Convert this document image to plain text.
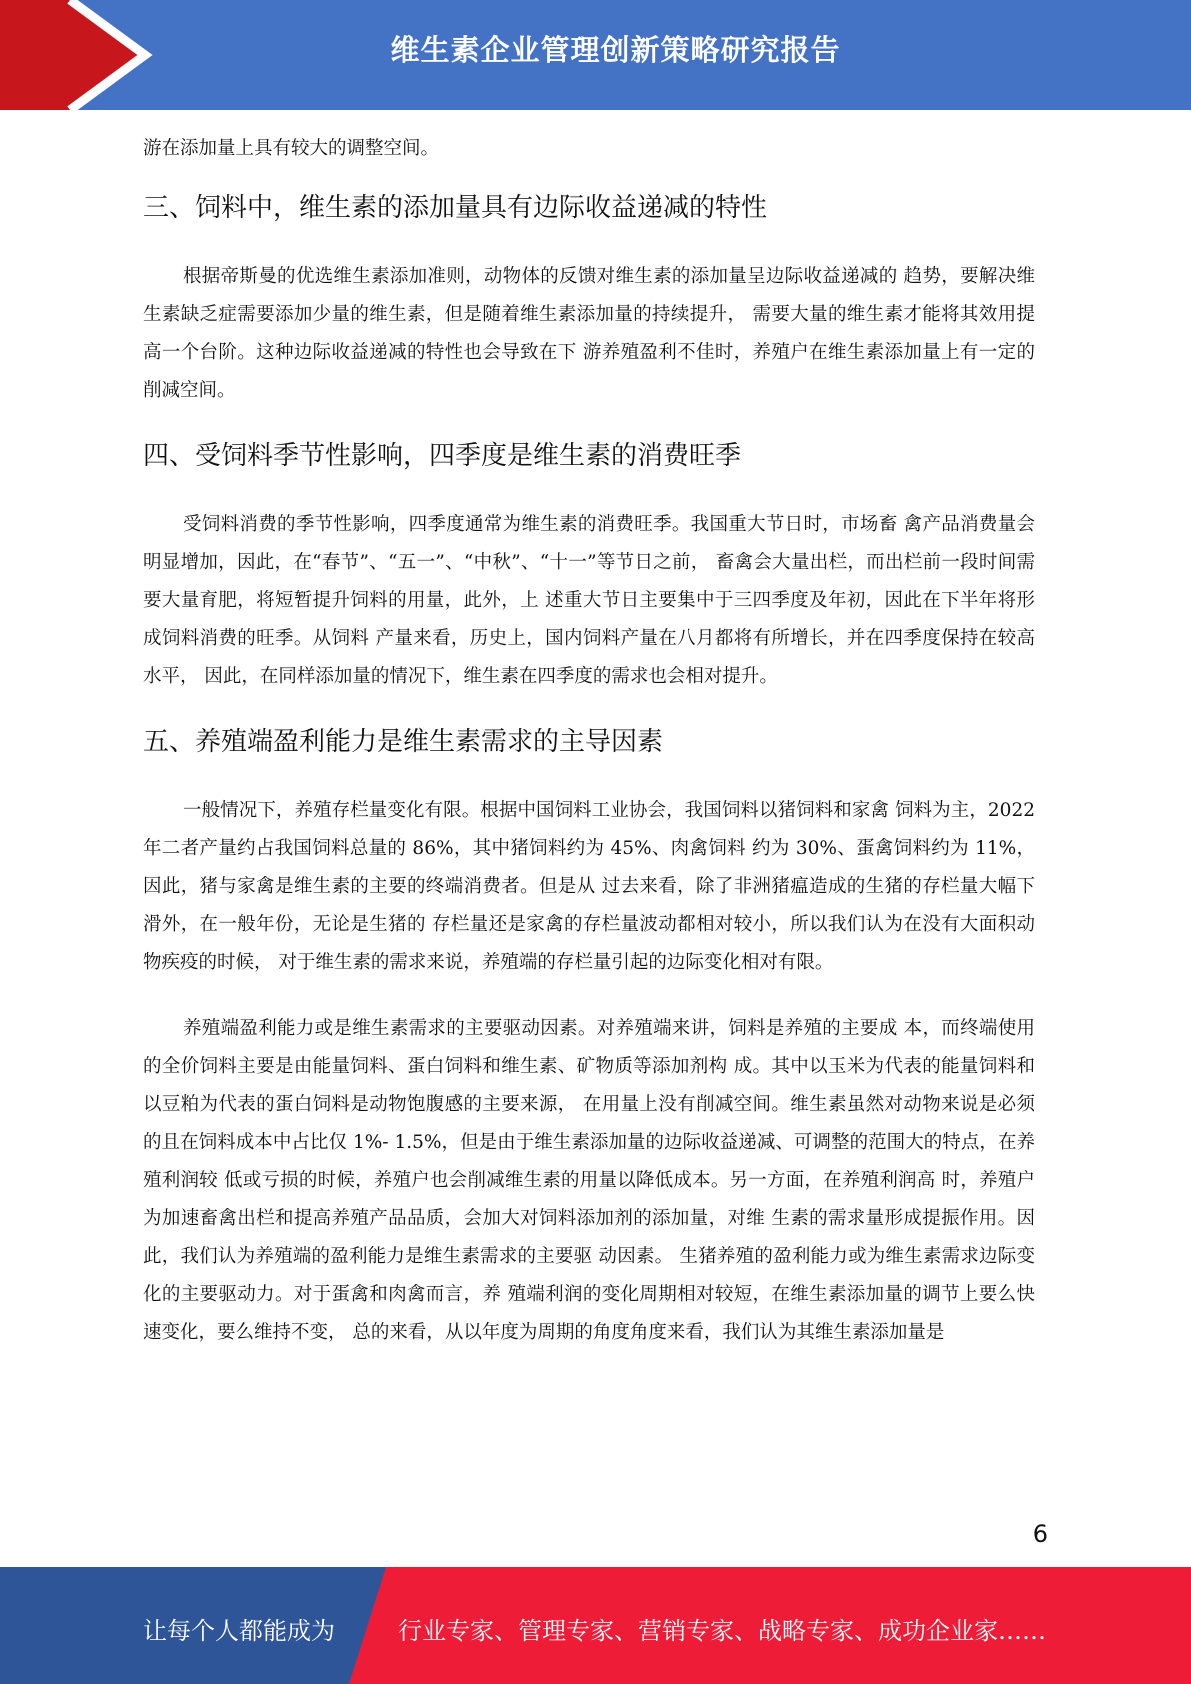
维生素企业管理创新策略研究报告

游在添加量上具有较大的调整空间。

三、饲料中，维生素的添加量具有边际收益递减的特性

根据帝斯曼的优选维生素添加准则，动物体的反馈对维生素的添加量呈边际收益递减的 趋势，要解决维生素缺乏症需要添加少量的维生素，但是随着维生素添加量的持续提升， 需要大量的维生素才能将其效用提高一个台阶。这种边际收益递减的特性也会导致在下 游养殖盈利不佳时，养殖户在维生素添加量上有一定的削减空间。

四、受饲料季节性影响，四季度是维生素的消费旺季

受饲料消费的季节性影响，四季度通常为维生素的消费旺季。我国重大节日时，市场畜 禽产品消费量会明显增加，因此，在“春节”、“五一”、“中秋”、“十一”等节日之前， 畜禽会大量出栏，而出栏前一段时间需要大量育肥，将短暂提升饲料的用量，此外，上 述重大节日主要集中于三四季度及年初，因此在下半年将形成饲料消费的旺季。从饲料 产量来看，历史上，国内饲料产量在八月都将有所增长，并在四季度保持在较高水平， 因此，在同样添加量的情况下，维生素在四季度的需求也会相对提升。

五、养殖端盈利能力是维生素需求的主导因素

一般情况下，养殖存栏量变化有限。根据中国饲料工业协会，我国饲料以猪饲料和家禽 饲料为主，2022 年二者产量约占我国饲料总量的 86%，其中猪饲料约为 45%、肉禽饲料 约为 30%、蛋禽饲料约为 11%，因此，猪与家禽是维生素的主要的终端消费者。但是从 过去来看，除了非洲猪瘟造成的生猪的存栏量大幅下滑外，在一般年份，无论是生猪的 存栏量还是家禽的存栏量波动都相对较小，所以我们认为在没有大面积动物疾疫的时候， 对于维生素的需求来说，养殖端的存栏量引起的边际变化相对有限。

养殖端盈利能力或是维生素需求的主要驱动因素。对养殖端来讲，饲料是养殖的主要成 本，而终端使用的全价饲料主要是由能量饲料、蛋白饲料和维生素、矿物质等添加剂构 成。其中以玉米为代表的能量饲料和以豆粕为代表的蛋白饲料是动物饱腹感的主要来源， 在用量上没有削减空间。维生素虽然对动物来说是必须的且在饲料成本中占比仅 1%- 1.5%，但是由于维生素添加量的边际收益递减、可调整的范围大的特点，在养殖利润较 低或亏损的时候，养殖户也会削减维生素的用量以降低成本。另一方面，在养殖利润高 时，养殖户为加速畜禽出栏和提高养殖产品品质，会加大对饲料添加剂的添加量，对维 生素的需求量形成提振作用。因此，我们认为养殖端的盈利能力是维生素需求的主要驱 动因素。 生猪养殖的盈利能力或为维生素需求边际变化的主要驱动力。对于蛋禽和肉禽而言，养 殖端利润的变化周期相对较短，在维生素添加量的调节上要么快速变化，要么维持不变， 总的来看，从以年度为周期的角度角度来看，我们认为其维生素添加量是

6
让每个人都能成为	行业专家、管理专家、营销专家、战略专家、成功企业家……
